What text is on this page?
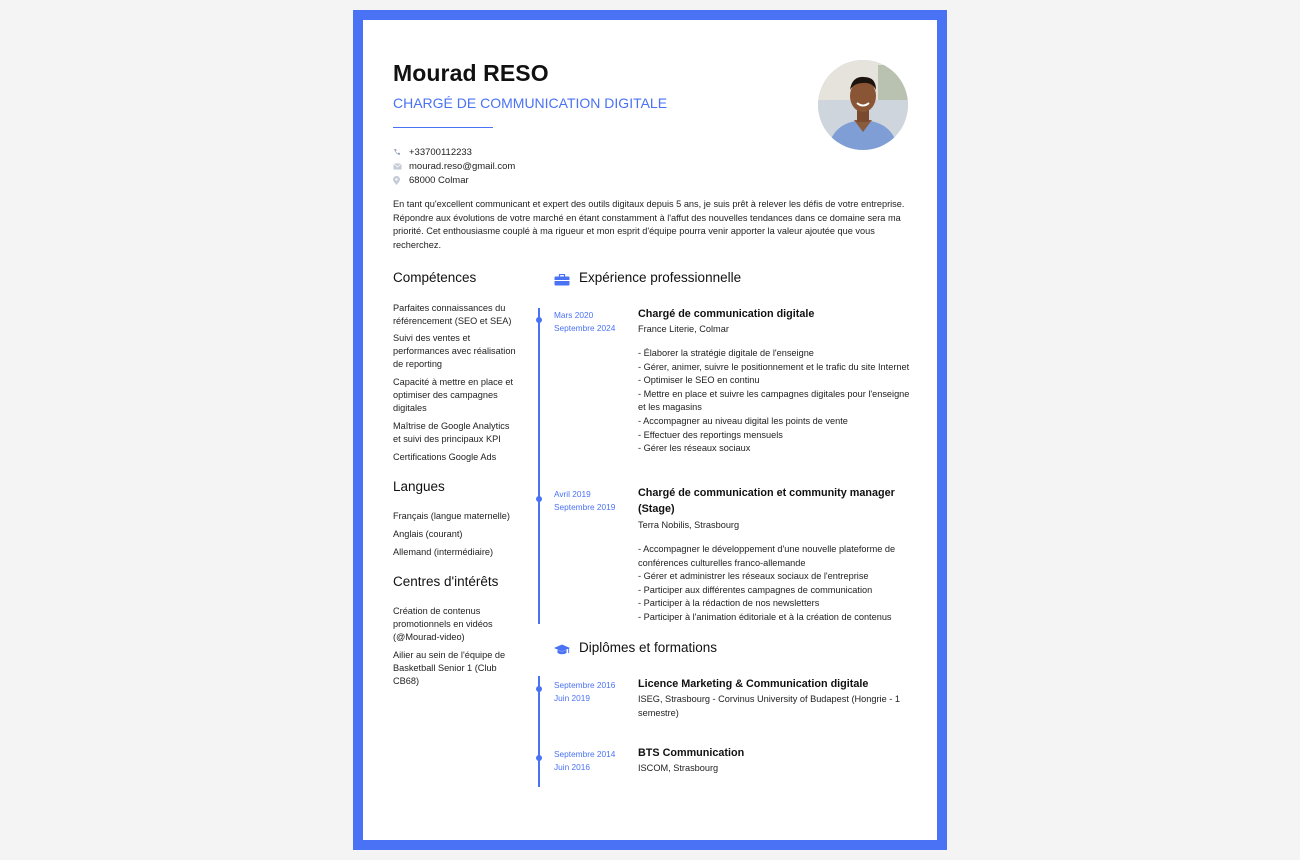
Mourad RESO
CHARGÉ DE COMMUNICATION DIGITALE
+33700112233
mourad.reso@gmail.com
68000 Colmar
En tant qu'excellent communicant et expert des outils digitaux depuis 5 ans, je suis prêt à relever les défis de votre entreprise. Répondre aux évolutions de votre marché en étant constamment à l'affut des nouvelles tendances dans ce domaine sera ma priorité. Cet enthousiasme couplé à ma rigueur et mon esprit d'équipe pourra venir apporter la valeur ajoutée que vous recherchez.
Compétences
Parfaites connaissances du référencement (SEO et SEA)
Suivi des ventes et performances avec réalisation de reporting
Capacité à mettre en place et optimiser des campagnes digitales
Maîtrise de Google Analytics et suivi des principaux KPI
Certifications Google Ads
Langues
Français (langue maternelle)
Anglais (courant)
Allemand (intermédiaire)
Centres d'intérêts
Création de contenus promotionnels en vidéos (@Mourad-video)
Ailier au sein de l'équipe de Basketball Senior 1 (Club CB68)
Expérience professionnelle
Mars 2020
Septembre 2024
Chargé de communication digitale
France Literie, Colmar
- Élaborer la stratégie digitale de l'enseigne
- Gérer, animer, suivre le positionnement et le trafic du site Internet
- Optimiser le SEO en continu
- Mettre en place et suivre les campagnes digitales pour l'enseigne et les magasins
- Accompagner au niveau digital les points de vente
- Effectuer des reportings mensuels
- Gérer les réseaux sociaux
Avril 2019
Septembre 2019
Chargé de communication et community manager (Stage)
Terra Nobilis, Strasbourg
- Accompagner le développement d'une nouvelle plateforme de conférences culturelles franco-allemande
- Gérer et administrer les réseaux sociaux de l'entreprise
- Participer aux différentes campagnes de communication
- Participer à la rédaction de nos newsletters
- Participer à l'animation éditoriale et à la création de contenus
Diplômes et formations
Septembre 2016
Juin 2019
Licence Marketing & Communication digitale
ISEG, Strasbourg - Corvinus University of Budapest (Hongrie - 1 semestre)
Septembre 2014
Juin 2016
BTS Communication
ISCOM, Strasbourg
